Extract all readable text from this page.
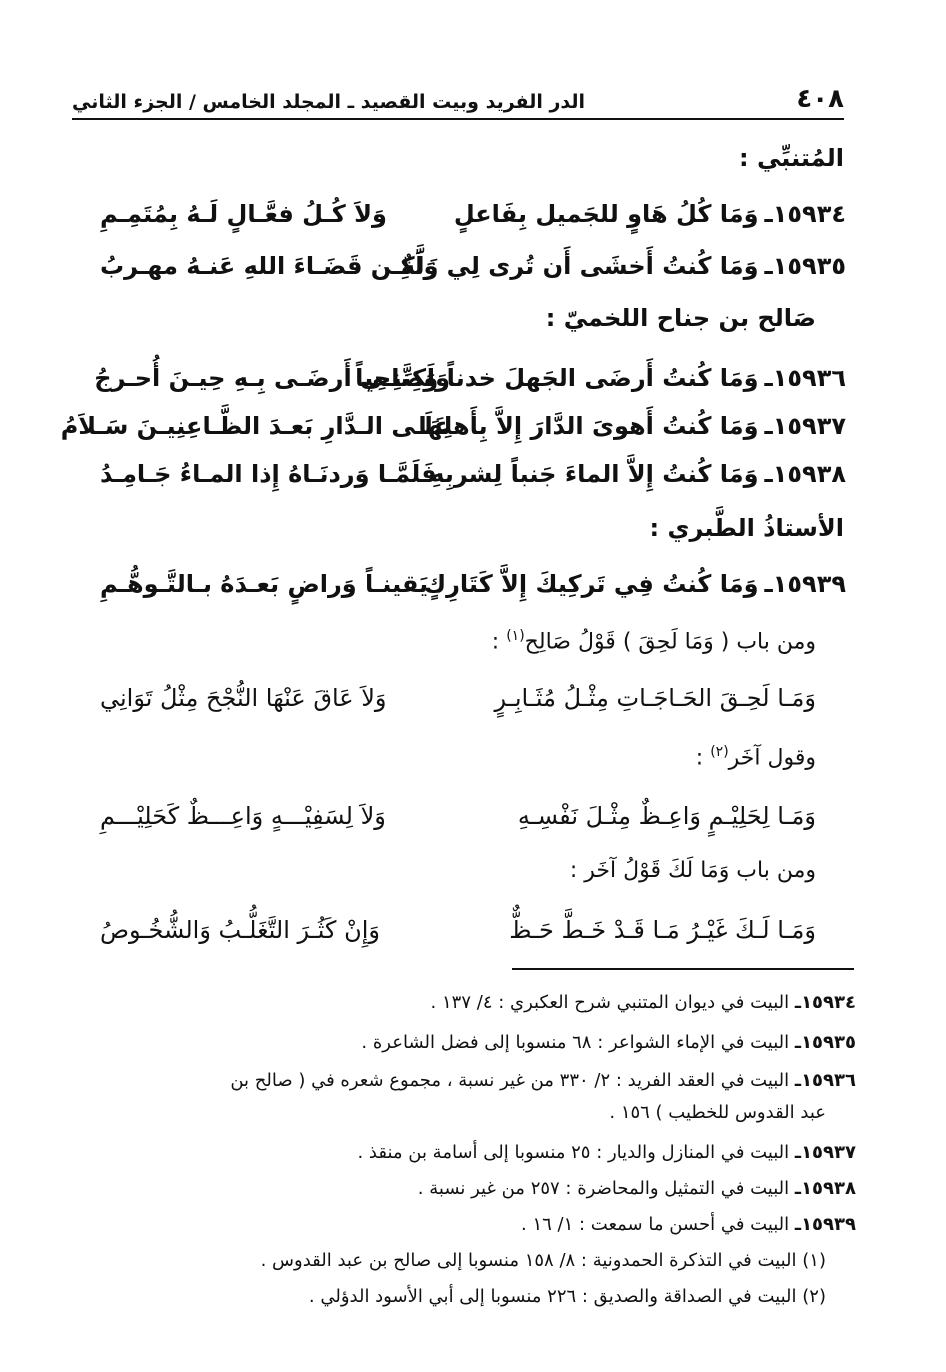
٤٠٨
الدر الفريد وبيت القصيد ـ المجلد الخامس / الجزء الثاني
المُتنبِّي :
١٥٩٣٤ـ
وَمَا كُلُ هَاوٍ للجَميل بِفَاعلٍ
وَلاَ كُـلُ فعَّـالٍ لَـهُ بِمُتَمِـمِ
١٥٩٣٥ـ
وَمَا كُنتُ أَخشَى أَن تُرى لِي زَلَّةٌ
وَلَكِـن قَضَـاءَ اللهِ عَنـهُ مهـربُ
صَالح بن جناح اللخميّ :
١٥٩٣٦ـ
وَمَا كُنتُ أَرضَى الجَهلَ خدناً وَصَاحِباً
وَلَكِنَّنِـي أَرضَـى بِـهِ حِيـنَ أُحـرجُ
١٥٩٣٧ـ
وَمَا كُنتُ أَهوىَ الدَّارَ إِلاَّ بِأَهلِهَا
عَلَـى الـدَّارِ بَعـدَ الظَّـاعِنِيـنَ سَـلاَمُ
١٥٩٣٨ـ
وَمَا كُنتُ إِلاَّ الماءَ جَنباً لِشربِهِ
فَلَمَّـا وَردنَـاهُ إِذا المـاءُ جَـامِـدُ
الأستاذُ الطَّبري :
١٥٩٣٩ـ
وَمَا كُنتُ فِي تَركِيكَ إِلاَّ كَتَارِكٍ
يَقينـاً وَراضٍ بَعـدَهُ بـالتَّـوهُّـمِ
ومن باب ( وَمَا لَحِقَ ) قَوْلُ صَالِح$^{(١)}$ :
وَمَـا لَحِـقَ الحَـاجَـاتِ مِثْـلُ مُثَـابِـرٍ
وَلاَ عَاقَ عَنْهَا النُّجْحَ مِثْلُ تَوَانِي
وقول آخَر$^{(٢)}$ :
وَمَـا لِحَلِيْـمٍ وَاعِـظٌ مِثْـلَ نَفْسِـهِ
وَلاَ لِسَفِيْـــهٍ وَاعِـــظٌ كَحَلِيْـــمِ
ومن باب وَمَا لَكَ قَوْلُ آخَر :
وَمَـا لَـكَ غَيْـرُ مَـا قَـدْ خَـطَّ حَـظٌّ
وَإِنْ كَثُـرَ التَّغَلُّـبُ وَالشُّخُـوصُ
١٥٩٣٤ـ البيت في ديوان المتنبي شرح العكبري : ٤/ ١٣٧ .
١٥٩٣٥ـ البيت في الإماء الشواعر : ٦٨ منسوبا إلى فضل الشاعرة .
١٥٩٣٦ـ البيت في العقد الفريد : ٢/ ٣٣٠ من غير نسبة ، مجموع شعره في ( صالح بن
عبد القدوس للخطيب ) ١٥٦ .
١٥٩٣٧ـ البيت في المنازل والديار : ٢٥ منسوبا إلى أسامة بن منقذ .
١٥٩٣٨ـ البيت في التمثيل والمحاضرة : ٢٥٧ من غير نسبة .
١٥٩٣٩ـ البيت في أحسن ما سمعت : ١/ ١٦ .
(١) البيت في التذكرة الحمدونية : ٨/ ١٥٨ منسوبا إلى صالح بن عبد القدوس .
(٢) البيت في الصداقة والصديق : ٢٢٦ منسوبا إلى أبي الأسود الدؤلي .
